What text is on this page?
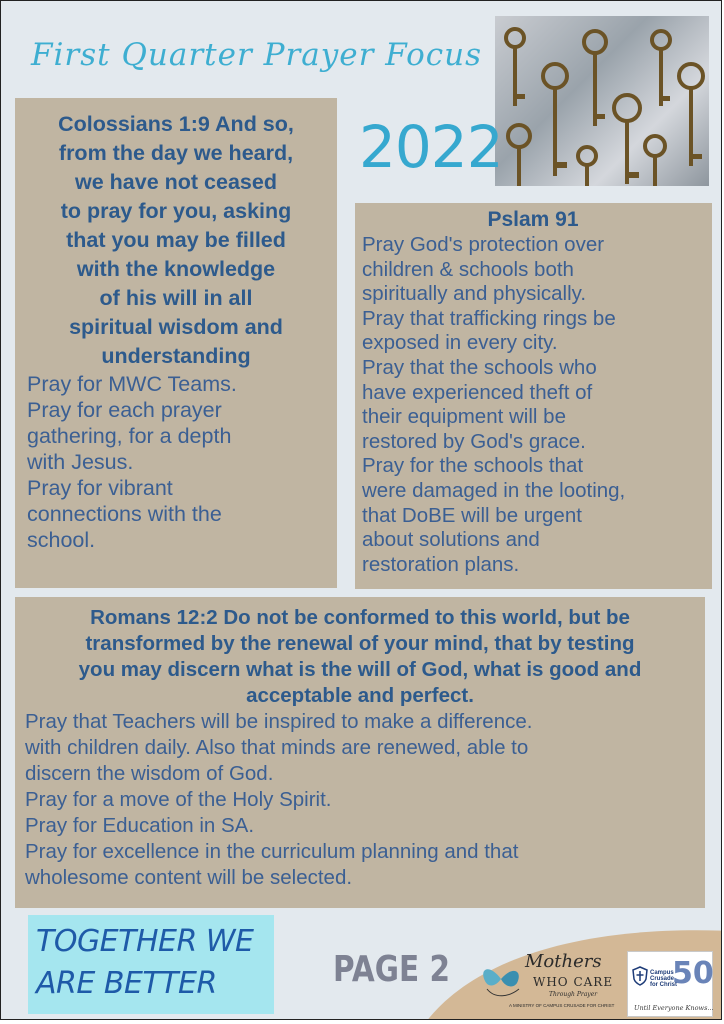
First Quarter Prayer Focus
2022
Colossians 1:9 And so,
from the day we heard,
we have not ceased
to pray for you, asking
that you may be filled
with the knowledge
of his will in all
spiritual wisdom and
understanding
Pray for MWC Teams.
Pray for each prayer
gathering, for a depth
with Jesus.
Pray for vibrant
connections with the
school.
Pslam 91
Pray God's protection over
children & schools both
spiritually and physically.
Pray that trafficking rings be
exposed in every city.
Pray that the schools who
have experienced theft of
their equipment will be
restored by God's grace.
Pray for the schools that
were damaged in the looting,
that DoBE will be urgent
about solutions and
restoration plans.
Romans 12:2 Do not be conformed to this world, but be
transformed by the renewal of your mind, that by testing
you may discern what is the will of God, what is good and
acceptable and perfect.
Pray that Teachers will be inspired to make a difference.
with children daily. Also that minds are renewed, able to
discern the wisdom of God.
Pray for a move of the Holy Spirit.
Pray for Education in SA.
Pray for excellence in the curriculum planning and that
wholesome content will be selected.
TOGETHER WE
ARE BETTER	PAGE 2	Mothers
WHO CARE
Through Prayer
A MINISTRY OF CAMPUS CRUSADE FOR CHRIST
Campus
Crusade
for Christ
50
Until Everyone Knows...
